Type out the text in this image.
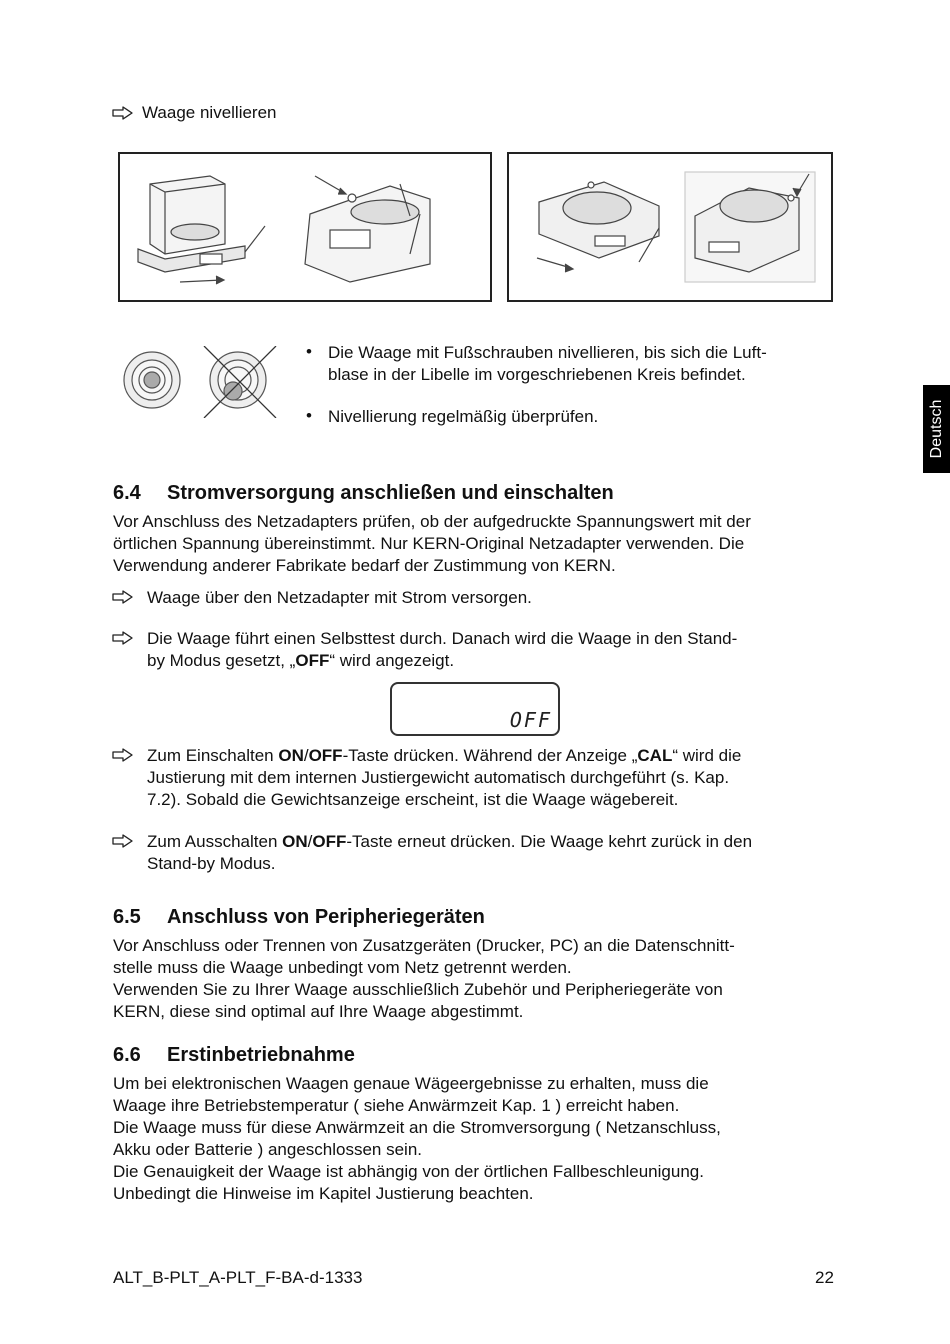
Waage nivellieren
• Die Waage mit Fußschrauben nivellieren, bis sich die Luft-
blase in der Libelle im vorgeschriebenen Kreis befindet.
• Nivellierung regelmäßig überprüfen.	Deutsch
6.4 Stromversorgung anschließen und einschalten
Vor Anschluss des Netzadapters prüfen, ob der aufgedruckte Spannungswert mit der
örtlichen Spannung übereinstimmt. Nur KERN-Original Netzadapter verwenden. Die
Verwendung anderer Fabrikate bedarf der Zustimmung von KERN.
Waage über den Netzadapter mit Strom versorgen.
Die Waage führt einen Selbsttest durch. Danach wird die Waage in den Stand-
by Modus gesetzt, „OFF“ wird angezeigt.
OFF
Zum Einschalten ON/OFF-Taste drücken. Während der Anzeige „CAL“ wird die
Justierung mit dem internen Justiergewicht automatisch durchgeführt (s. Kap.
7.2). Sobald die Gewichtsanzeige erscheint, ist die Waage wägebereit.
Zum Ausschalten ON/OFF-Taste erneut drücken. Die Waage kehrt zurück in den
Stand-by Modus.
6.5 Anschluss von Peripheriegeräten
Vor Anschluss oder Trennen von Zusatzgeräten (Drucker, PC) an die Datenschnitt-
stelle muss die Waage unbedingt vom Netz getrennt werden.
Verwenden Sie zu Ihrer Waage ausschließlich Zubehör und Peripheriegeräte von
KERN, diese sind optimal auf Ihre Waage abgestimmt.
6.6 Erstinbetriebnahme
Um bei elektronischen Waagen genaue Wägeergebnisse zu erhalten, muss die
Waage ihre Betriebstemperatur ( siehe Anwärmzeit Kap. 1 ) erreicht haben.
Die Waage muss für diese Anwärmzeit an die Stromversorgung ( Netzanschluss,
Akku oder Batterie ) angeschlossen sein.
Die Genauigkeit der Waage ist abhängig von der örtlichen Fallbeschleunigung.
Unbedingt die Hinweise im Kapitel Justierung beachten.
ALT_B-PLT_A-PLT_F-BA-d-1333	22
